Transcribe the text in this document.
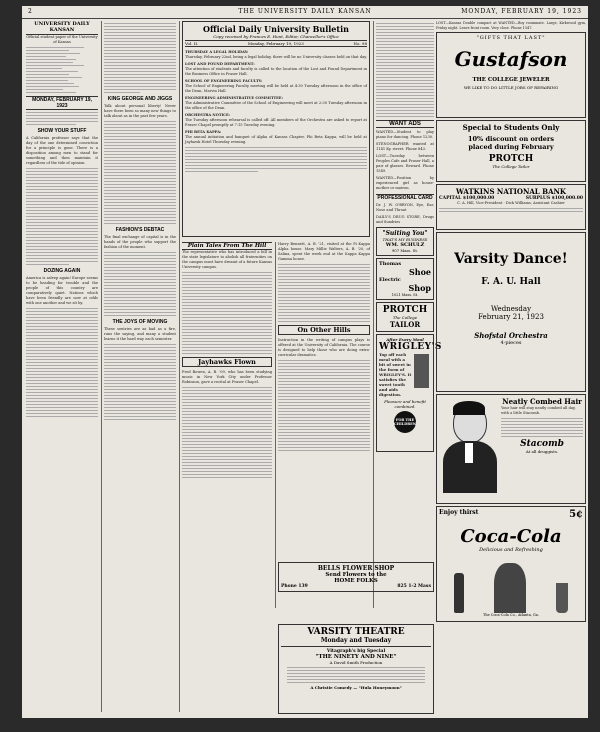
2	THE UNIVERSITY DAILY KANSAN	MONDAY, FEBRUARY 19, 1923
UNIVERSITY DAILY KANSAN
Official student paper of the University of Kansas
MONDAY, FEBRUARY 19, 1923
SHOW YOUR STUFF

A California professor says that the day of the one determined conviction for a principle is gone. There is a disposition among men to stand for something and then maintain it regardless of the tide of opinion.

DOZING AGAIN

America is asleep again! Europe seems to be heading for trouble and the people of this country are comparatively quiet. Nations which have been friendly are now at odds with one another and we sit by.

KING GEORGE AND JIGGS

Talk about personal liberty! Never have there been so many new things to talk about as in the past few years.

FASHION'S DEBTAC

The final exchange of capital is in the hands of the people who support the fashion of the moment.

THE JOYS OF MOVING

These sentries are as bad as a fire, runs the saying, and many a student learns it the hard way each semester.

Official Daily University Bulletin
Copy received by Frances E. Hunt, Editor, Chancellor's Office
Vol. II.	Monday, February 19, 1923	No. 98
THURSDAY A LEGAL HOLIDAY:

Thursday, February 22nd, being a legal holiday, there will be no University classes held on that day.

LOST AND FOUND DEPARTMENT:

The attention of students and faculty is called to the location of the Lost and Found Department in the Business Office in Fraser Hall.

SCHOOL OF ENGINEERING FACULTY:

The School of Engineering Faculty meeting will be held at 4:30 Tuesday afternoon in the office of the Dean, Marvin Hall.

ENGINEERING ADMINISTRATIVE COMMITTEE:

The Administrative Committee of the School of Engineering will meet at 2:30 Tuesday afternoon in the office of the Dean.

ORCHESTRA NOTICE:

The Tuesday afternoon rehearsal is called off. All members of the Orchestra are asked to report at Fraser Chapel promptly at 7:15 Tuesday evening.

PHI BETA KAPPA:

The annual initiation and banquet of Alpha of Kansas Chapter, Phi Beta Kappa, will be held at Jayhawk Hotel Thursday evening.

Plain Tales From The Hill

The representative who has introduced a bill in the state legislature to abolish all fraternities on the campus must have dreamt of a future Kansas University campus.

Jayhawks Flown

Fred Bowen, A. B. '09, who has been studying music in New York City under Professor Robinson, gave a recital at Fraser Chapel.

Harry Bennett, A. B. '21, visited at the Pi Kappa Alpha house. Mary Millie Walters, A. B. '20, of Salina, spent the week end at the Kappa Kappa Gamma house.

On Other Hills

Instruction in the writing of campus plays is offered at the University of California. The course is designed to help those who are doing extra-curricular dramatics.

WANT ADS

WANTED—Student to play piano for dancing. Phone 1230.

STENOGRAPHER wanted at 1141 Ky. street. Phone 843.

LOST—Tuesday between Peoples Cafe and Fraser Hall, a pair of glasses. Reward. Phone 1549.

WANTED—Position by experienced girl as house-mother or matron.

PROFESSIONAL CARD

Dr. J. W. O'BRYON, Eye, Ear, Nose and Throat

DAILY'S DRUG STORE, Drugs and Sundries

"Suiting You"
THAT'S MY BUSINESS
WM. SCHULZ
907 Mass. St.
Thomas
Shoe
Electric
Shop
1021 Mass. St.
PROTCH
The College
TAILOR
After Every Meal
WRIGLEY'S

Top off each meal with a bit of sweet in the form of WRIGLEY'S. It satisfies the sweet tooth and aids digestion.

Pleasure and benefit combined.
FOR THE CHILDREN
BELLS FLOWER SHOP
Send Flowers to the
HOME FOLKS
Phone 139	825 1-2 Mass
VARSITY THEATRE
Monday and Tuesday
Vitagraph's big Special
"THE NINETY AND NINE"
A David Smith Production
A Christie Comedy — "Hula Honeymoon"
LOST—Kansas Double compact at WANTED—Boy roommate. Large, Kirkwood gym, Friday night. Leave front room. Very close. Phone 1547.
"GIFTS THAT LAST"
Gustafson
THE COLLEGE JEWELER
WE LIKE TO DO LITTLE JOBS OF REPAIRING
Special to Students Only
10% discount on orders
placed during February
PROTCH
The College Tailor
WATKINS NATIONAL BANK
CAPITAL $100,000.00	SURPLUS $100,000.00
C. A. Hill, Vice-President · Dick Williams, Assistant Cashier
Varsity Dance!
F. A. U. Hall
Wednesday
February 21, 1923
Shofstal Orchestra
4-pieces
Neatly Combed Hair

Your hair will stay neatly combed all day, with a little Stacomb.

Stacomb
At all druggists.
Enjoy thirst	5¢
Coca-Cola
Delicious and Refreshing
The Coca-Cola Co., Atlanta, Ga.
